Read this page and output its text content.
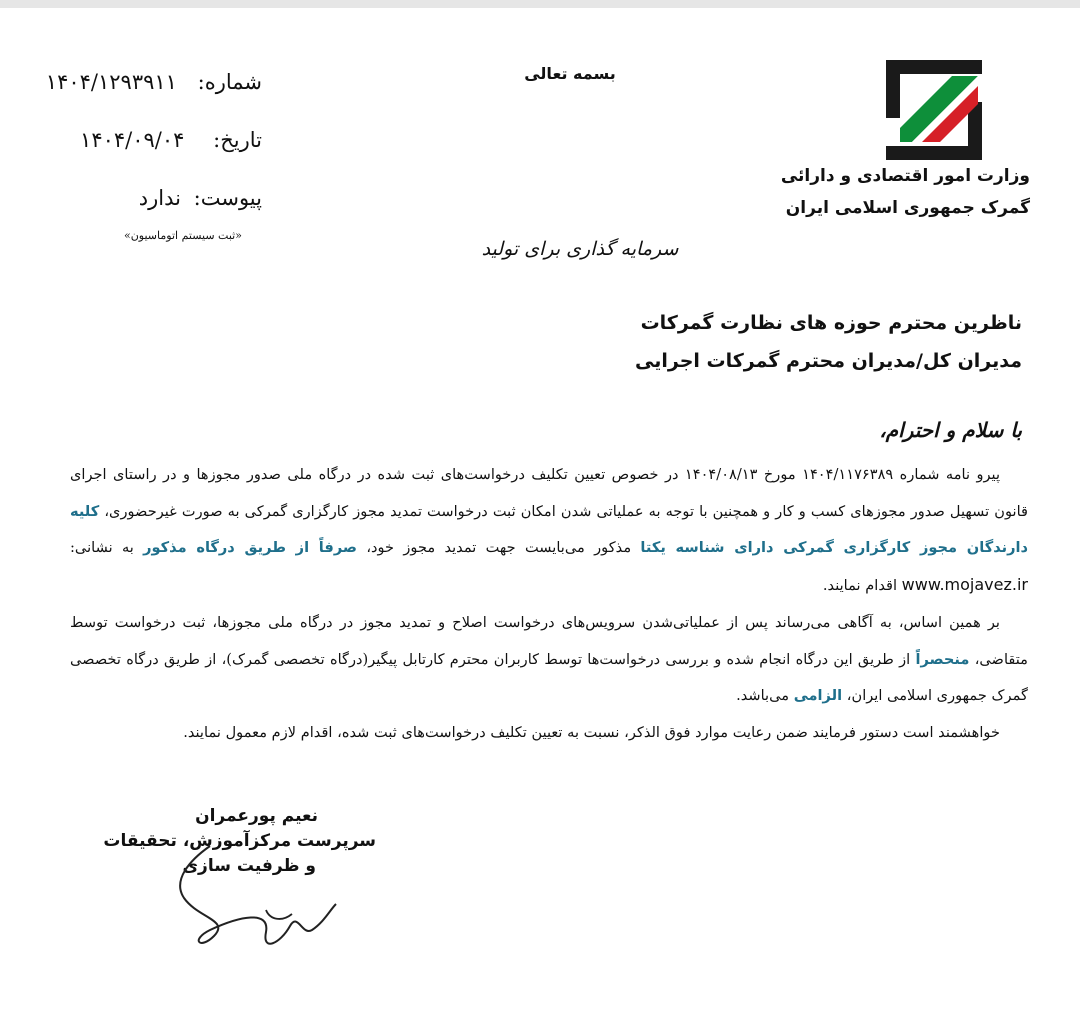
وزارت امور اقتصادی و دارائی
گمرک جمهوری اسلامی ایران
بسمه تعالی
شماره: ۱۴۰۴/۱۲۹۳۹۱۱
تاریخ: ۱۴۰۴/۰۹/۰۴
پیوست: ندارد
«ثبت سیستم اتوماسیون»
سرمایه گذاری برای تولید
ناظرین محترم حوزه های نظارت گمرکات
مدیران کل/مدیران محترم گمرکات اجرایی
با سلام و احترام،

پیرو نامه شماره ۱۴۰۴/۱۱۷۶۳۸۹ مورخ ۱۴۰۴/۰۸/۱۳ در خصوص تعیین تکلیف درخواست‌های ثبت شده در درگاه ملی صدور مجوزها و در راستای اجرای قانون تسهیل صدور مجوزهای کسب و کار و همچنین با توجه به عملیاتی شدن امکان ثبت درخواست تمدید مجوز کارگزاری گمرکی به صورت غیرحضوری، کلیه دارندگان مجوز کارگزاری گمرکی دارای شناسه یکتا مذکور می‌بایست جهت تمدید مجوز خود، صرفاً از طریق درگاه مذکور به نشانی: www.mojavez.ir اقدام نمایند.

بر همین اساس، به آگاهی می‌رساند پس از عملیاتی‌شدن سرویس‌های درخواست اصلاح و تمدید مجوز در درگاه ملی مجوزها، ثبت درخواست توسط متقاضی، منحصراً از طریق این درگاه انجام شده و بررسی درخواست‌ها توسط کاربران محترم کارتابل پیگیر(درگاه تخصصی گمرک)، از طریق درگاه تخصصی گمرک جمهوری اسلامی ایران، الزامی می‌باشد.

خواهشمند است دستور فرمایند ضمن رعایت موارد فوق الذکر، نسبت به تعیین تکلیف درخواست‌های ثبت شده، اقدام لازم معمول نمایند.

نعیم پورعمران
سرپرست مرکزآموزش، تحقیقات
و ظرفیت سازی
